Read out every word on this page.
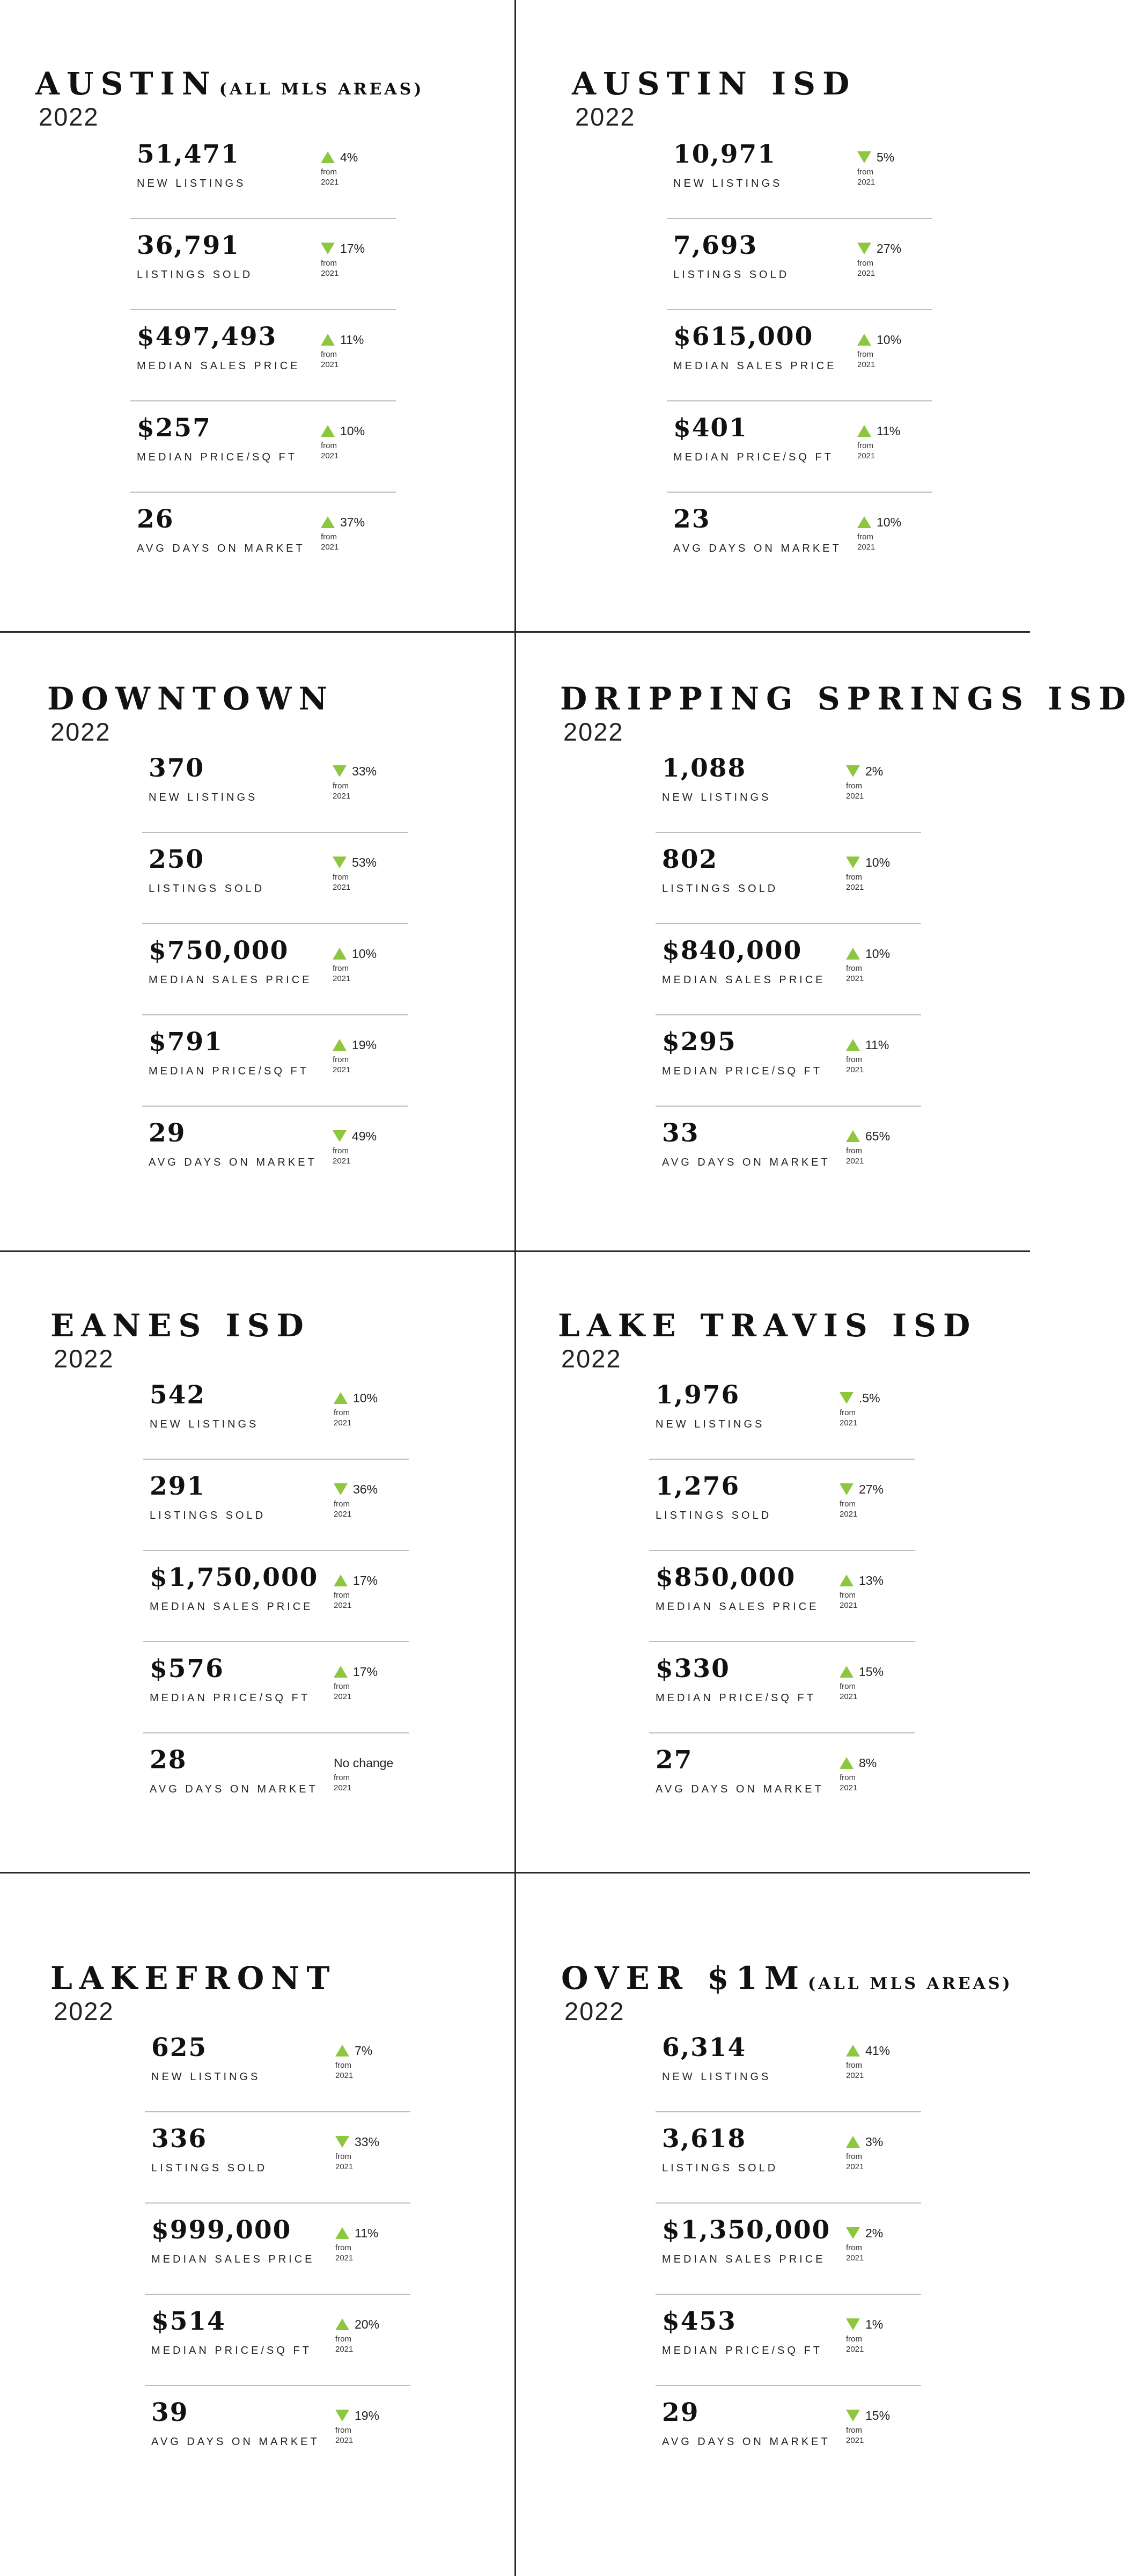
AUSTIN (ALL MLS AREAS)
2022
51,471
NEW LISTINGS
4%
from
2021
36,791
LISTINGS SOLD
17%
from
2021
$497,493
MEDIAN SALES PRICE
11%
from
2021
$257
MEDIAN PRICE/SQ FT
10%
from
2021
26
AVG DAYS ON MARKET
37%
from
2021
AUSTIN ISD
2022
10,971
NEW LISTINGS
5%
from
2021
7,693
LISTINGS SOLD
27%
from
2021
$615,000
MEDIAN SALES PRICE
10%
from
2021
$401
MEDIAN PRICE/SQ FT
11%
from
2021
23
AVG DAYS ON MARKET
10%
from
2021
DOWNTOWN
2022
370
NEW LISTINGS
33%
from
2021
250
LISTINGS SOLD
53%
from
2021
$750,000
MEDIAN SALES PRICE
10%
from
2021
$791
MEDIAN PRICE/SQ FT
19%
from
2021
29
AVG DAYS ON MARKET
49%
from
2021
DRIPPING SPRINGS ISD
2022
1,088
NEW LISTINGS
2%
from
2021
802
LISTINGS SOLD
10%
from
2021
$840,000
MEDIAN SALES PRICE
10%
from
2021
$295
MEDIAN PRICE/SQ FT
11%
from
2021
33
AVG DAYS ON MARKET
65%
from
2021
EANES ISD
2022
542
NEW LISTINGS
10%
from
2021
291
LISTINGS SOLD
36%
from
2021
$1,750,000
MEDIAN SALES PRICE
17%
from
2021
$576
MEDIAN PRICE/SQ FT
17%
from
2021
28
AVG DAYS ON MARKET
No change
from
2021
LAKE TRAVIS ISD
2022
1,976
NEW LISTINGS
.5%
from
2021
1,276
LISTINGS SOLD
27%
from
2021
$850,000
MEDIAN SALES PRICE
13%
from
2021
$330
MEDIAN PRICE/SQ FT
15%
from
2021
27
AVG DAYS ON MARKET
8%
from
2021
LAKEFRONT
2022
625
NEW LISTINGS
7%
from
2021
336
LISTINGS SOLD
33%
from
2021
$999,000
MEDIAN SALES PRICE
11%
from
2021
$514
MEDIAN PRICE/SQ FT
20%
from
2021
39
AVG DAYS ON MARKET
19%
from
2021
OVER $1M (ALL MLS AREAS)
2022
6,314
NEW LISTINGS
41%
from
2021
3,618
LISTINGS SOLD
3%
from
2021
$1,350,000
MEDIAN SALES PRICE
2%
from
2021
$453
MEDIAN PRICE/SQ FT
1%
from
2021
29
AVG DAYS ON MARKET
15%
from
2021
